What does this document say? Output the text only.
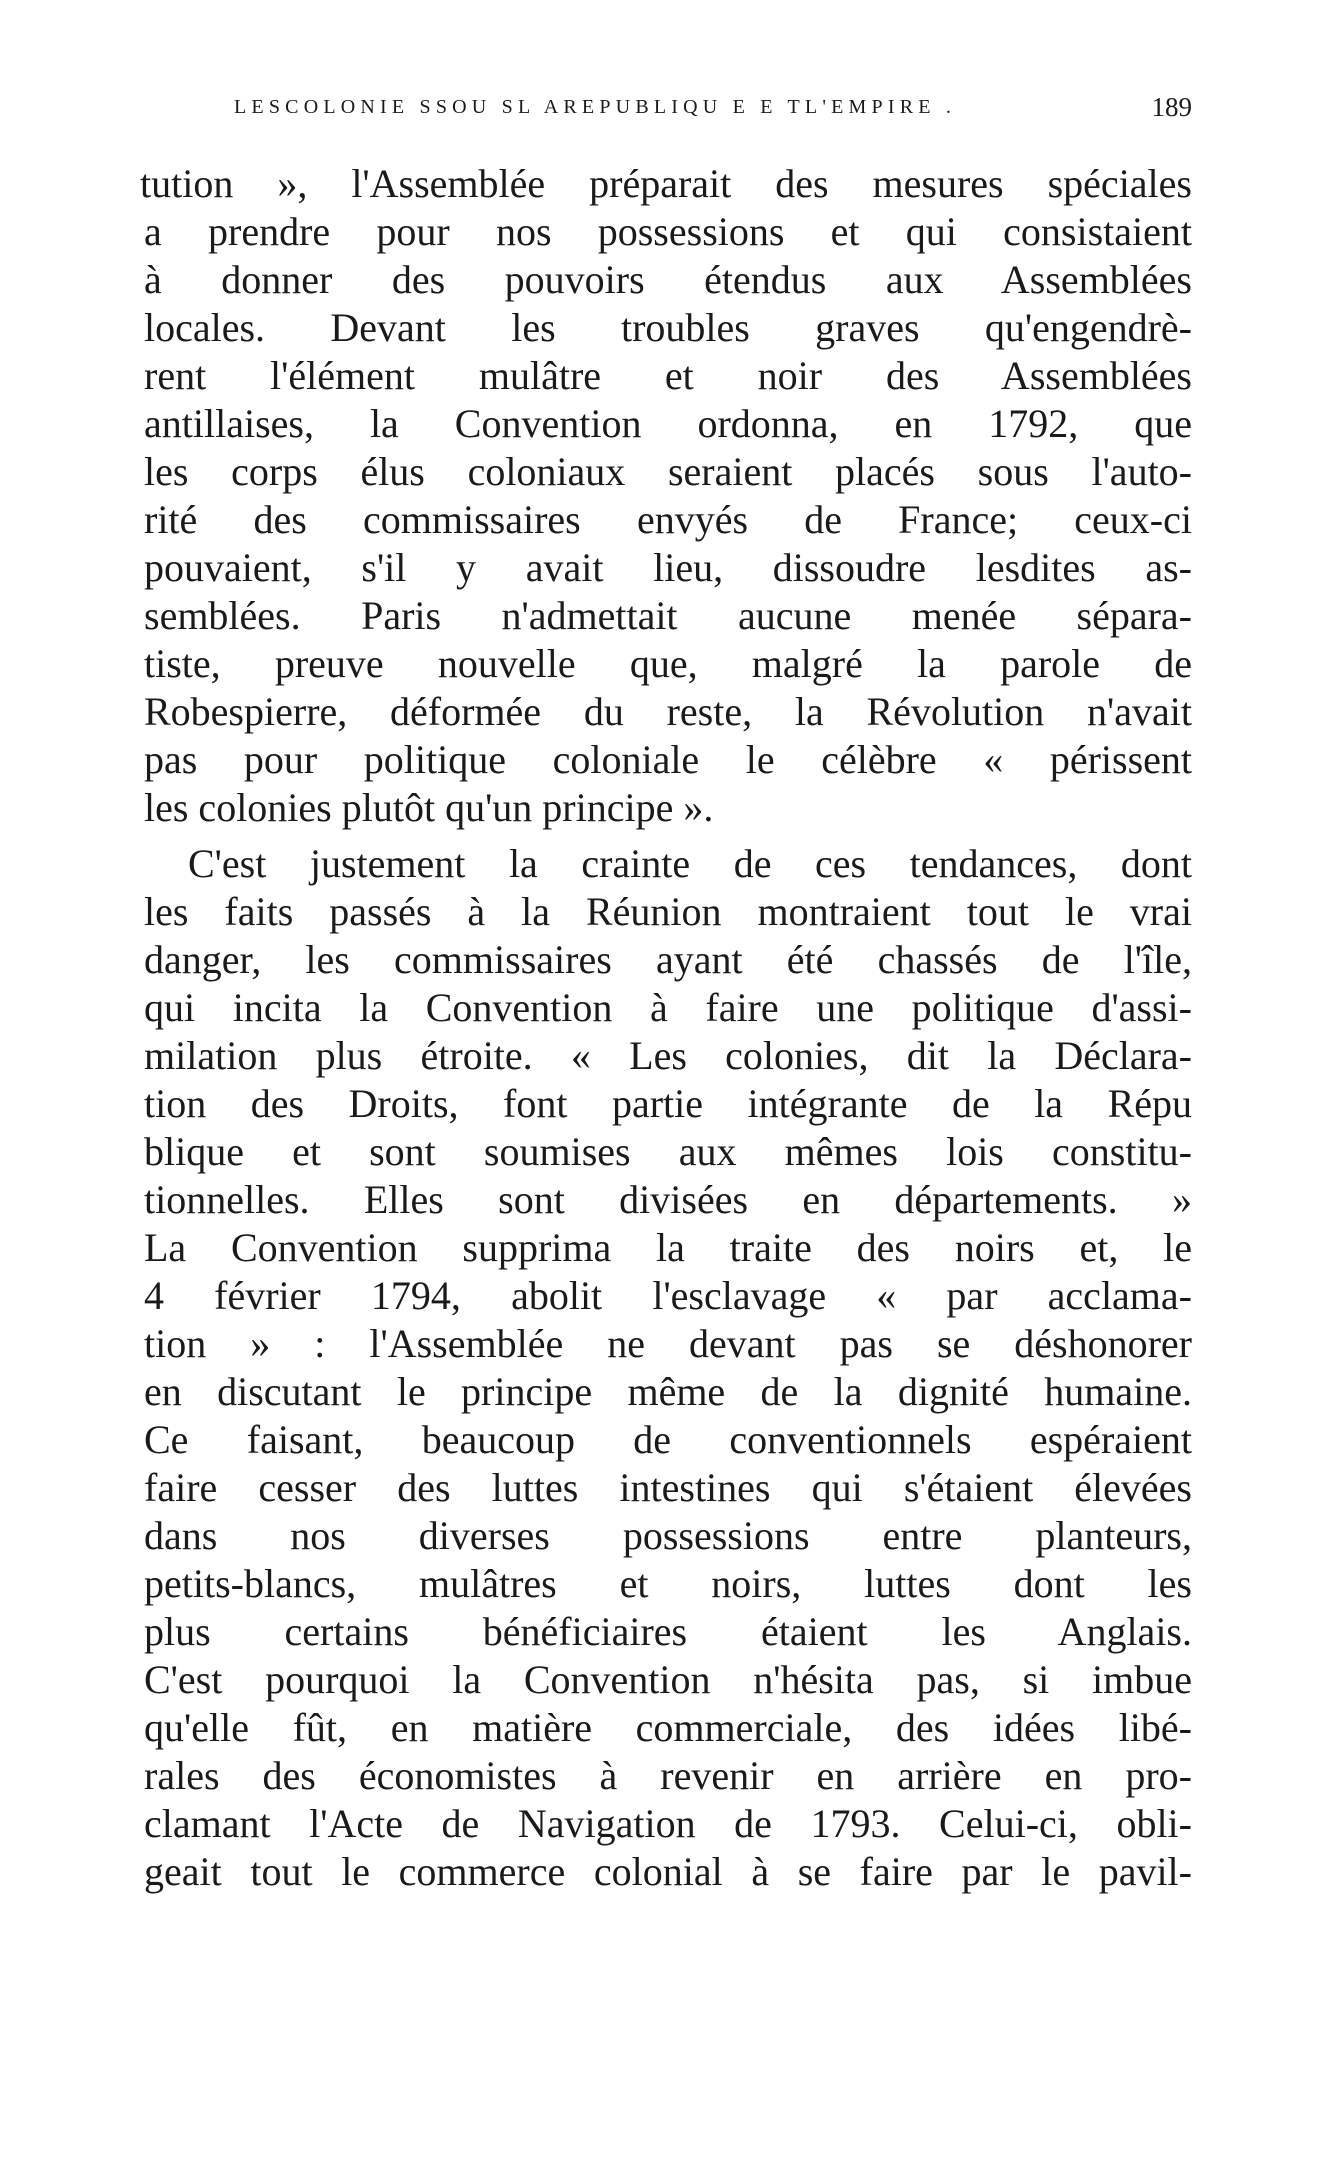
LESCOLONIE SSOU SL AREPUBLIQU E E TL'EMPIRE .	189
tution », l'Assemblée préparait des mesures spéciales
a prendre pour nos possessions et qui consistaient
à donner des pouvoirs étendus aux Assemblées
locales. Devant les troubles graves qu'engendrè-
rent l'élément mulâtre et noir des Assemblées
antillaises, la Convention ordonna, en 1792, que
les corps élus coloniaux seraient placés sous l'auto-
rité des commissaires envyés de France; ceux-ci
pouvaient, s'il y avait lieu, dissoudre lesdites as-
semblées. Paris n'admettait aucune menée sépara-
tiste, preuve nouvelle que, malgré la parole de
Robespierre, déformée du reste, la Révolution n'avait
pas pour politique coloniale le célèbre « périssent
les colonies plutôt qu'un principe ».
C'est justement la crainte de ces tendances, dont
les faits passés à la Réunion montraient tout le vrai
danger, les commissaires ayant été chassés de l'île,
qui incita la Convention à faire une politique d'assi-
milation plus étroite. « Les colonies, dit la Déclara-
tion des Droits, font partie intégrante de la Répu
blique et sont soumises aux mêmes lois constitu-
tionnelles. Elles sont divisées en départements. »
La Convention supprima la traite des noirs et, le
4 février 1794, abolit l'esclavage « par acclama-
tion » : l'Assemblée ne devant pas se déshonorer
en discutant le principe même de la dignité humaine.
Ce faisant, beaucoup de conventionnels espéraient
faire cesser des luttes intestines qui s'étaient élevées
dans nos diverses possessions entre planteurs,
petits-blancs, mulâtres et noirs, luttes dont les
plus certains bénéficiaires étaient les Anglais.
C'est pourquoi la Convention n'hésita pas, si imbue
qu'elle fût, en matière commerciale, des idées libé-
rales des économistes à revenir en arrière en pro-
clamant l'Acte de Navigation de 1793. Celui-ci, obli-
geait tout le commerce colonial à se faire par le pavil-
